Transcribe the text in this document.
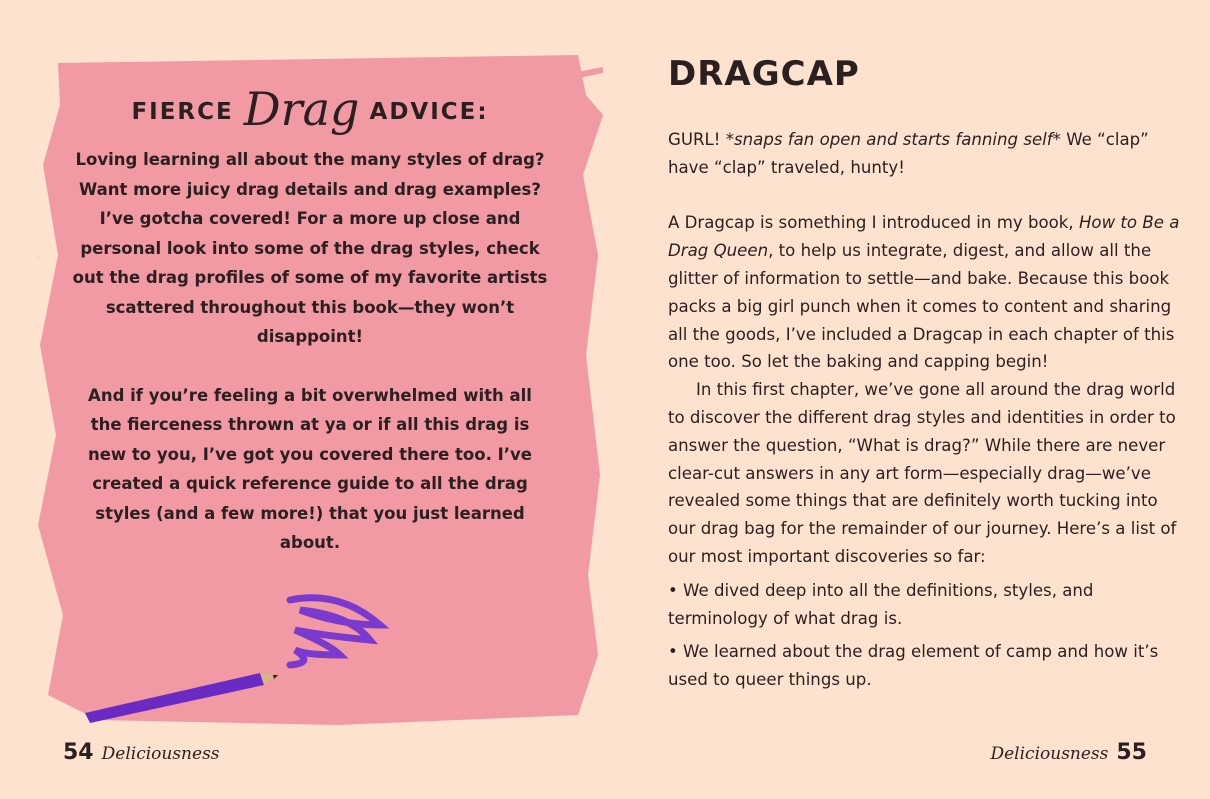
FIERCE Drag ADVICE:

Loving learning all about the many styles of drag? Want more juicy drag details and drag examples? I’ve gotcha covered! For a more up close and personal look into some of the drag styles, check out the drag profiles of some of my favorite artists scattered throughout this book—they won’t disappoint!

And if you’re feeling a bit overwhelmed with all the fierceness thrown at ya or if all this drag is new to you, I’ve got you covered there too. I’ve created a quick reference guide to all the drag styles (and a few more!) that you just learned about.

54 Deliciousness
DRAGCAP

GURL! *snaps fan open and starts fanning self* We “clap” have “clap” traveled, hunty!

A Dragcap is something I introduced in my book, How to Be a Drag Queen, to help us integrate, digest, and allow all the glitter of information to settle—and bake. Because this book packs a big girl punch when it comes to content and sharing all the goods, I’ve included a Dragcap in each chapter of this one too. So let the baking and capping begin!

In this first chapter, we’ve gone all around the drag world to discover the different drag styles and identities in order to answer the question, “What is drag?” While there are never clear-cut answers in any art form—especially drag—we’ve revealed some things that are definitely worth tucking into our drag bag for the remainder of our journey. Here’s a list of our most important discoveries so far:

• We dived deep into all the definitions, styles, and terminology of what drag is.

• We learned about the drag element of camp and how it’s used to queer things up.

Deliciousness 55
